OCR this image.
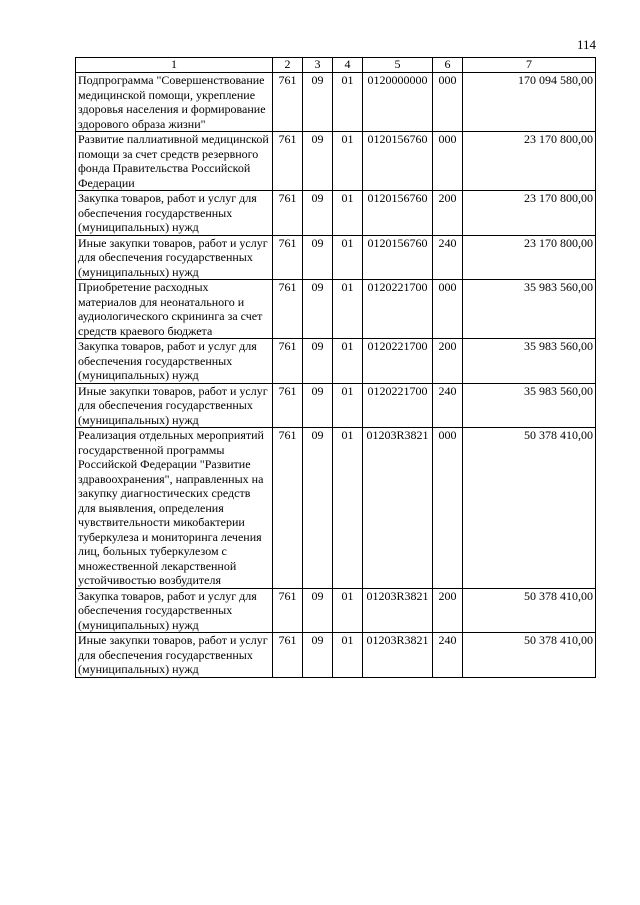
114
1	2	3	4	5	6	7
Подпрограмма "Совершенствование медицинской помощи, укрепление здоровья населения и формирование здорового образа жизни"	761	09	01	0120000000	000	170 094 580,00
Развитие паллиативной медицинской помощи за счет средств резервного фонда Правительства Российской Федерации	761	09	01	0120156760	000	23 170 800,00
Закупка товаров, работ и услуг для обеспечения государственных (муниципальных) нужд	761	09	01	0120156760	200	23 170 800,00
Иные закупки товаров, работ и услуг для обеспечения государственных (муниципальных) нужд	761	09	01	0120156760	240	23 170 800,00
Приобретение расходных материалов для неонатального и аудиологического скрининга за счет средств краевого бюджета	761	09	01	0120221700	000	35 983 560,00
Закупка товаров, работ и услуг для обеспечения государственных (муниципальных) нужд	761	09	01	0120221700	200	35 983 560,00
Иные закупки товаров, работ и услуг для обеспечения государственных (муниципальных) нужд	761	09	01	0120221700	240	35 983 560,00
Реализация отдельных мероприятий государственной программы Российской Федерации "Развитие здравоохранения", направленных на закупку диагностических средств для выявления, определения чувствительности микобактерии туберкулеза и мониторинга лечения лиц, больных туберкулезом с множественной лекарственной устойчивостью возбудителя	761	09	01	01203R3821	000	50 378 410,00
Закупка товаров, работ и услуг для обеспечения государственных (муниципальных) нужд	761	09	01	01203R3821	200	50 378 410,00
Иные закупки товаров, работ и услуг для обеспечения государственных (муниципальных) нужд	761	09	01	01203R3821	240	50 378 410,00
